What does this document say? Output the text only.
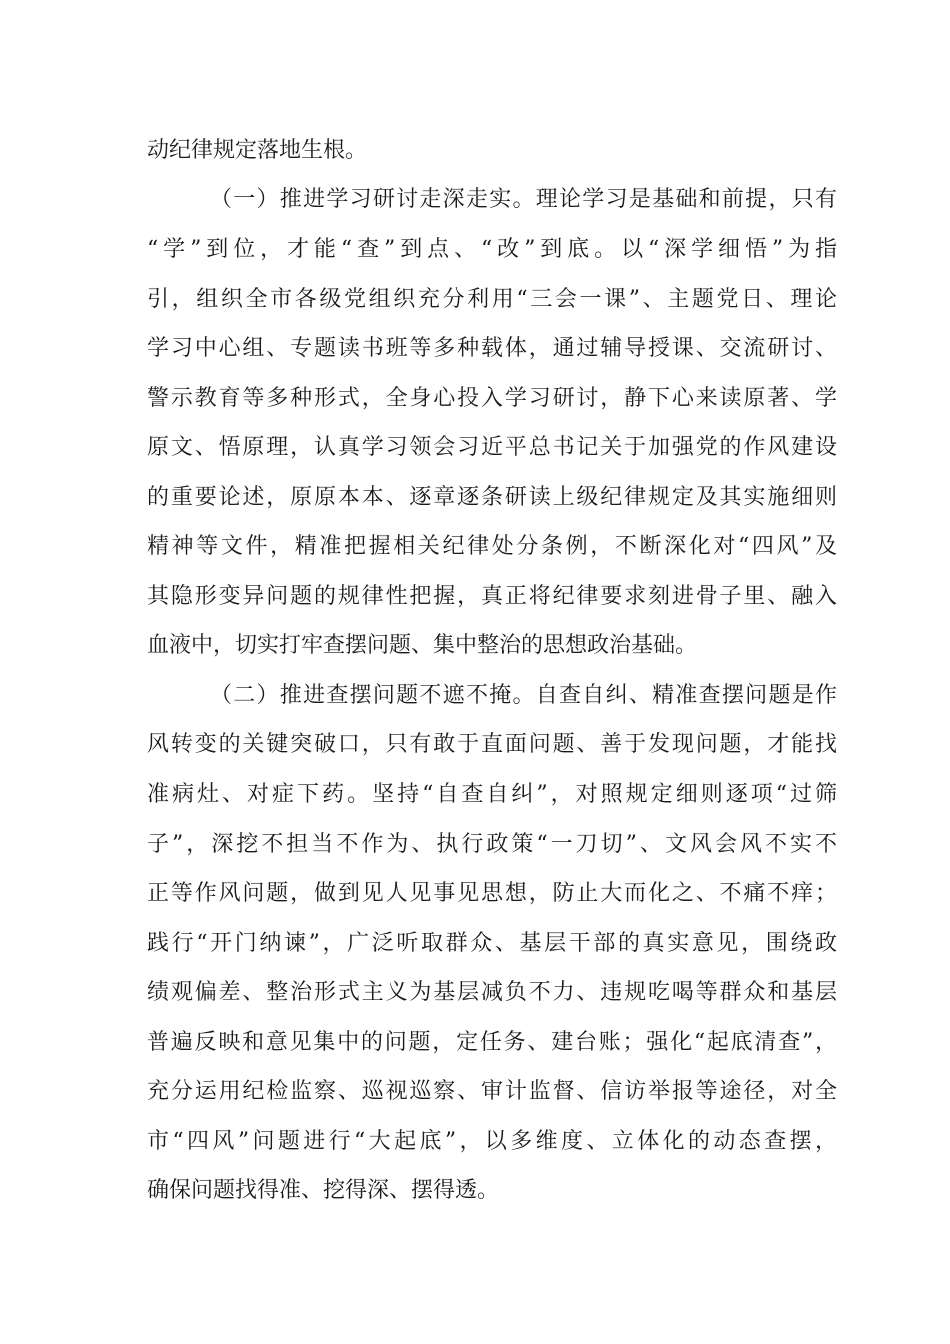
动纪律规定落地生根。
（一）推进学习研讨走深走实。理论学习是基础和前提，只有
“学”到位，才能“查”到点、“改”到底。以“深学细悟”为指
引，组织全市各级党组织充分利用“三会一课”、主题党日、理论
学习中心组、专题读书班等多种载体，通过辅导授课、交流研讨、
警示教育等多种形式，全身心投入学习研讨，静下心来读原著、学
原文、悟原理，认真学习领会习近平总书记关于加强党的作风建设
的重要论述，原原本本、逐章逐条研读上级纪律规定及其实施细则
精神等文件，精准把握相关纪律处分条例，不断深化对“四风”及
其隐形变异问题的规律性把握，真正将纪律要求刻进骨子里、融入
血液中，切实打牢查摆问题、集中整治的思想政治基础。
（二）推进查摆问题不遮不掩。自查自纠、精准查摆问题是作
风转变的关键突破口，只有敢于直面问题、善于发现问题，才能找
准病灶、对症下药。坚持“自查自纠”，对照规定细则逐项“过筛
子”，深挖不担当不作为、执行政策“一刀切”、文风会风不实不
正等作风问题，做到见人见事见思想，防止大而化之、不痛不痒；
践行“开门纳谏”，广泛听取群众、基层干部的真实意见，围绕政
绩观偏差、整治形式主义为基层减负不力、违规吃喝等群众和基层
普遍反映和意见集中的问题，定任务、建台账；强化“起底清查”，
充分运用纪检监察、巡视巡察、审计监督、信访举报等途径，对全
市“四风”问题进行“大起底”，以多维度、立体化的动态查摆，
确保问题找得准、挖得深、摆得透。
